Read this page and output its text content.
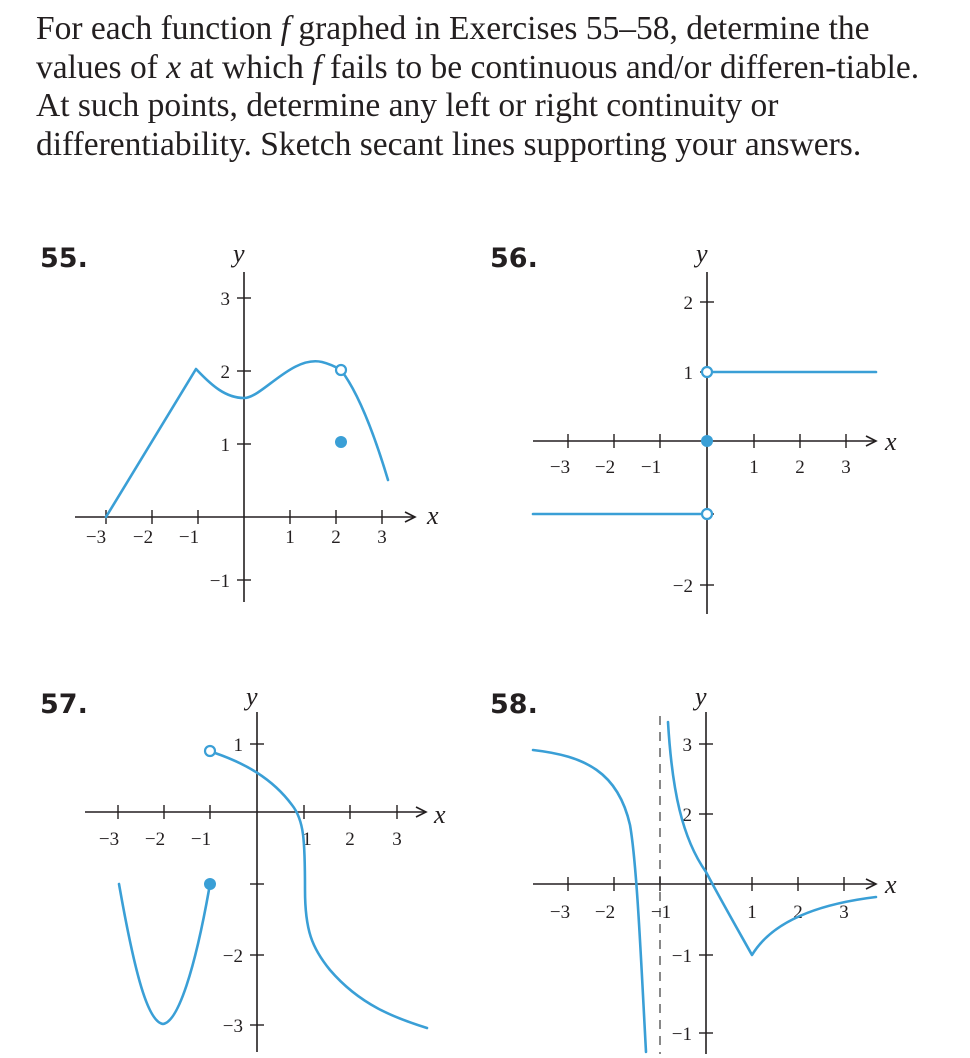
For each function f graphed in Exercises 55–58, determine the values of x at which f fails to be continuous and/or differen-tiable. At such points, determine any left or right continuity or differentiability. Sketch secant lines supporting your answers.

55.
x
y
−3 −2 −1	1 2 3
3
2
1
−1
56.
x
y
−3 −2 −1	1 2 3
2
1
−2
57.
x
y
−3 −2 −1	1 2 3
1
−2
−3
58.
x
y
−3 −2 −1	1 2 3
3
2
−1
−1
